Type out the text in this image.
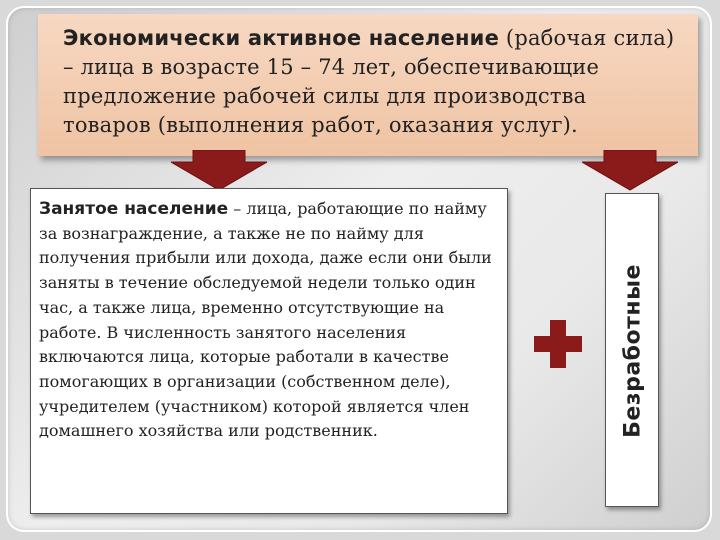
Экономически активное население (рабочая сила) – лица в возрасте 15 – 74 лет, обеспечивающие предложение рабочей силы для производства товаров (выполнения работ, оказания услуг).
Занятое население – лица, работающие по найму за вознаграждение, а также не по найму для получения прибыли или дохода, даже если они были заняты в течение обследуемой недели только один час, а также лица, временно отсутствующие на работе. В численность занятого населения включаются лица, которые работали в качестве помогающих в организации (собственном деле), учредителем (участником) которой является член домашнего хозяйства или родственник.	Безработные
